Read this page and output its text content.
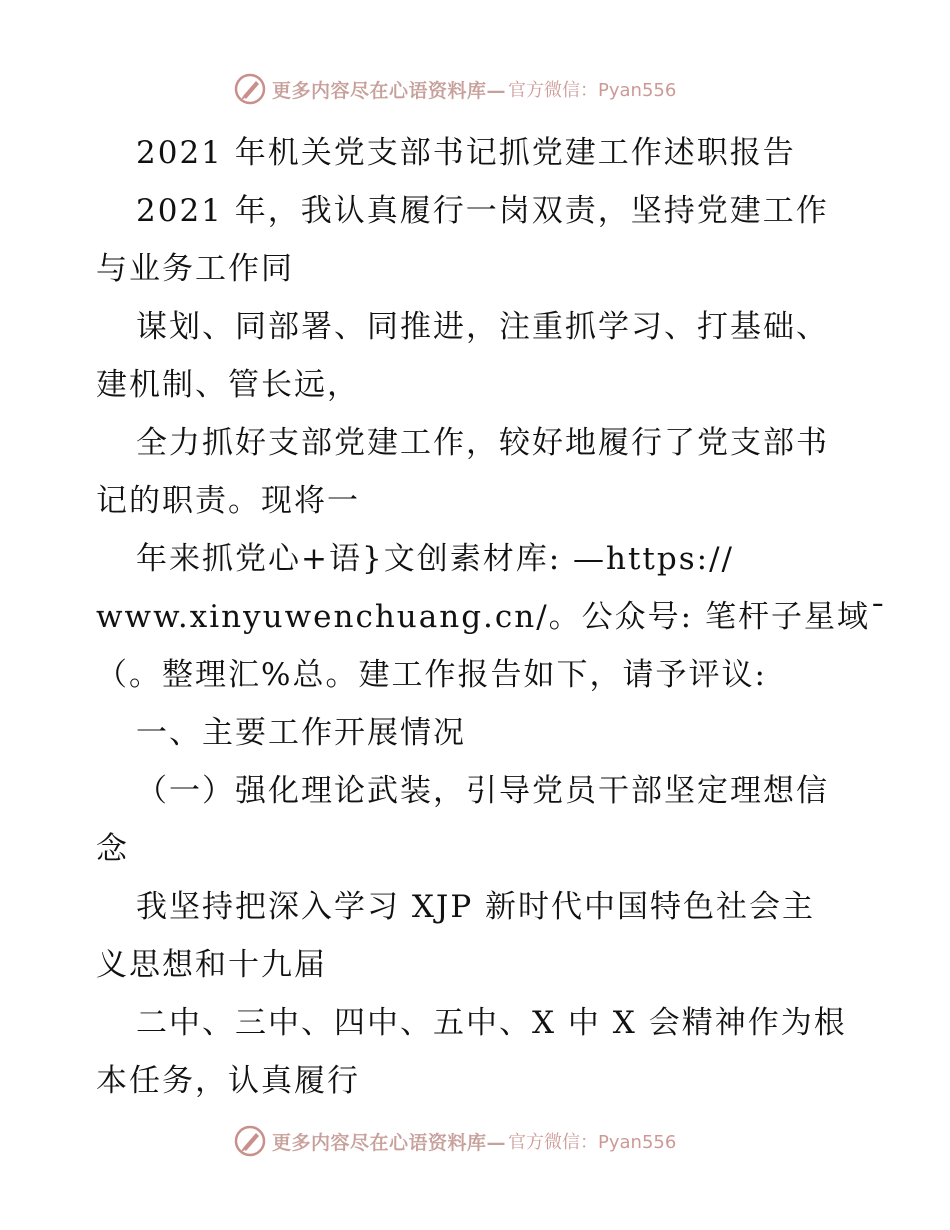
更多内容尽在心语资料库— 官方微信：Pyan556
2021 年机关党支部书记抓党建工作述职报告
2021 年，我认真履行一岗双责，坚持党建工作
与业务工作同
谋划、同部署、同推进，注重抓学习、打基础、
建机制、管长远，
全力抓好支部党建工作，较好地履行了党支部书
记的职责。现将一
年来抓党心+语}文创素材库: —https://
www.xinyuwenchuang.cn/。公众号: 笔杆子星域¯
（。整理汇%总。建工作报告如下，请予评议:
一、主要工作开展情况
（一）强化理论武装，引导党员干部坚定理想信
念
我坚持把深入学习 XJP 新时代中国特色社会主
义思想和十九届
二中、三中、四中、五中、X 中 X 会精神作为根
本任务，认真履行
更多内容尽在心语资料库— 官方微信：Pyan556
